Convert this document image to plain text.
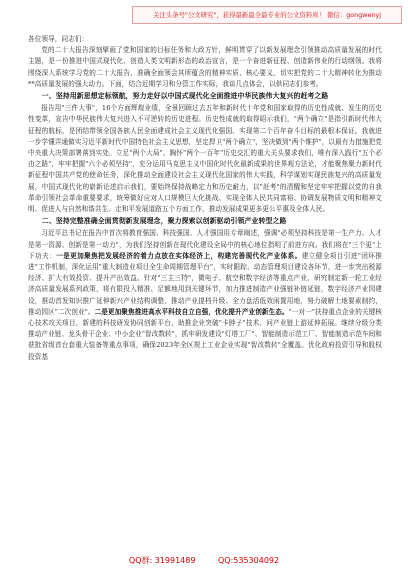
关注头条号"公文研究"，获得最新最全最专业的公文资料库！ 微信：gongwenyj

各位领导，同志们：

党的二十大报告深刻擘画了党和国家的目标任务和大政方针，鲜明贯穿了以新发展理念引领推动高质量发展的时代主题，是一份推进中国式现代化、创造人类文明新形态的政治宣言，是一个奋进新征程、创造新伟业的行动纲领。我将围绕深入系统学习党的二十大报告，准确全面领会其所蕴含的精神实质、核心要义，切实把党的二十大精神转化为推动**高质量发展的强大动力。下面，结合近期学习和分管工作实际，我谈几点体会，以供同志们参考。

一、坚持用新思想定标领航，努力走好以中国式现代化全面推进中华民族伟大复兴的赶考之路

报告用"三件大事"，16个方面辉煌业绩，全景回顾过去五年和新时代十年党和国家取得的历史性成就、发生的历史性变革，宣告中华民族伟大复兴进入不可逆转的历史进程。历史性成就的取得昭示我们，"两个确立"是指引新时代伟大征程的航标，是团结带领全国各族人民全面建成社会主义现代化强国、实现第二个百年奋斗目标的最根本保证。我就进一步学懂弄通做实习近平新时代中国特色社会主义思想，坚定捍卫"两个确立"，坚决做到"两个维护"，以最有力措施把党中央重大决策部署落到实处。立足"两个大局"、胸怀"两个一百年"历史交汇的重大关头要求我们，唯有深入践行"五个必由之路"，牢牢把握"六个必须坚持"，充分运用马克思主义中国化时代化最新成果的世界观方法论，才能聚焦聚力新时代新征程中国共产党的使命任务，深化推动全面建设社会主义现代化国家的伟大实践，科学谋划实现民族复兴的高质量发展，中国式现代化的崭新论述启示我们，要始终保持战略定力和历史耐力，以"赶考"的清醒和坚定牢牢把握以党的自我革命引领社会革命重要要求，统筹做好应对人口规模巨大化挑战、实现全体人民共同富裕、协调发展物质文明和精神文明、促进人与自然和谐共生、走和平发展道路五个方面工作，推动发展成果更多更公平惠及全体人民。

二、坚持完整准确全面贯彻新发展理念，聚力探索以创新驱动引领产业转型之路

习近平总书记在报告中首次将教育强国、科技强国、人才强国用专章阐述，强调"必须坚持科技是第一生产力、人才是第一资源、创新是第一动力"，为我们坚持创新在现代化建设全局中的核心地位指明了前进方向。我们将在"三个更"上下功夫：一是更加聚焦把发展经济的着力点放在实体经济上，构建完善现代化产业体系。建立健全项目引进"闭环推进"工作机制，深化运用"重大制造业项目全生命周期管理平台"，实时跟踪、动态管理项目建设各环节，进一步突出税源经济、扩大有效投资、提升产出效益。针对"三主三特"，微电子、航空和数字经济等重点产业，研究制定新一轮工业经济高质量发展系列政策，将有限投入精准、足额地用到关键环节，加力推进制造产业强链补链延链，数字经济产业园建设，推动首发知识推广延伸新兴产业结构调整、推动产业提档升级、全力盘活低效闲置用地，努力破解土地要素制约，推动园区"二次创业"。二是更加聚焦推进高水平科技自立自强，优化提升产业创新生态。"一对一"扶持重点企业的关键核心技术攻关项目，新建的科技研发协同创新平台，助推企业突破"卡脖子"技术、问产业链上游延伸拓展。继续分级分类推动产业链、龙头骨干企业、中小企业"智改数转"，抓牢研发建设"灯塔工厂"、智能制造示范工厂、智能制造示范车间和获批省级首台套重大装备等重点事项，确保2023年全区规上工业企业实现"智改数转"全覆盖。优化政府投资引导和股权投资基

QQ群: 31991489	QQ:535304092
